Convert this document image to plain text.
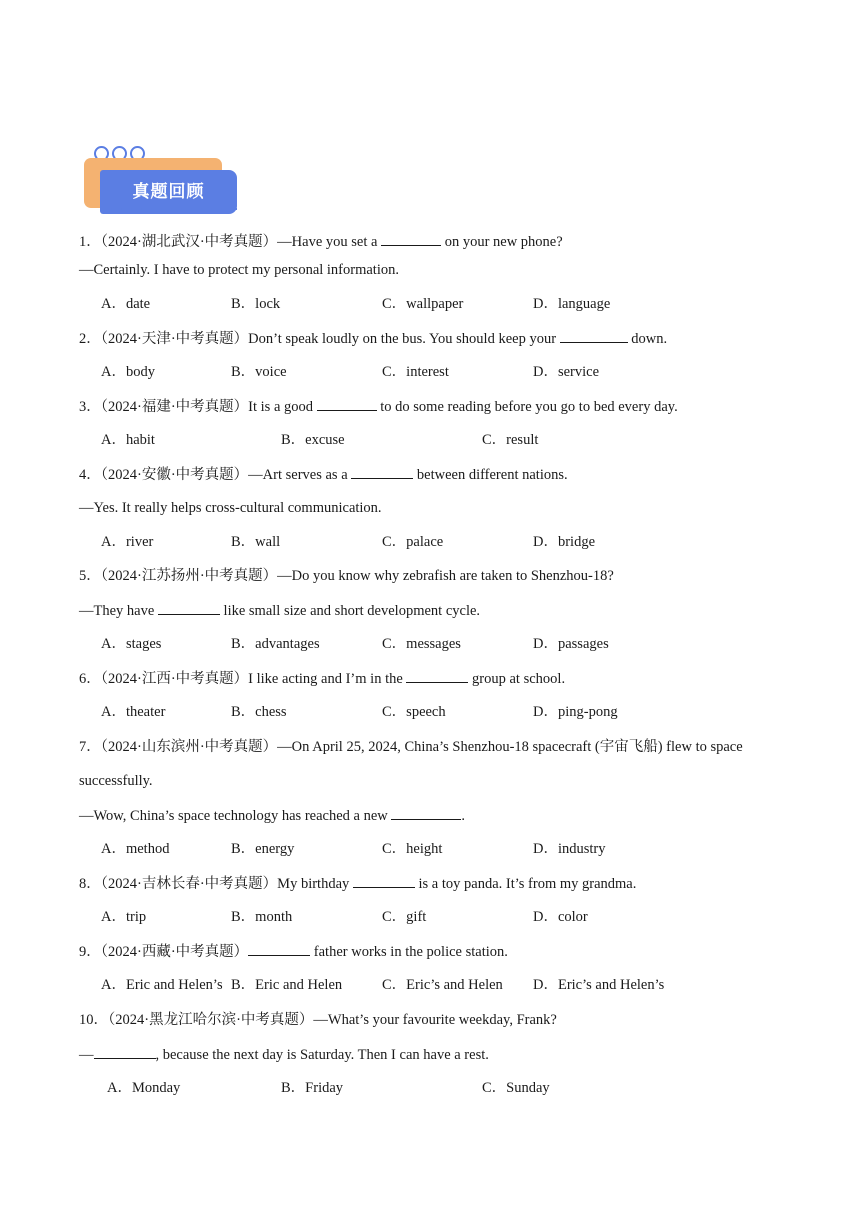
真题回顾
1．（2024·湖北武汉·中考真题）—Have you set a	on your new phone?
—Certainly. I have to protect my personal information.
A．date	B．lock	C．wallpaper	D．language
2．（2024·天津·中考真题）Don’t speak loudly on the bus. You should keep your	down.
A．body	B．voice	C．interest	D．service
3．（2024·福建·中考真题）It is a good	to do some reading before you go to bed every day.
A．habit	B．excuse	C．result
4．（2024·安徽·中考真题）—Art serves as a	between different nations.
—Yes. It really helps cross-cultural communication.
A．river	B．wall	C．palace	D．bridge
5．（2024·江苏扬州·中考真题）—Do you know why zebrafish are taken to Shenzhou-18?
—They have	like small size and short development cycle.
A．stages	B．advantages	C．messages	D．passages
6．（2024·江西·中考真题）I like acting and I’m in the	group at school.
A．theater	B．chess	C．speech	D．ping-pong
7．（2024·山东滨州·中考真题）—On April 25, 2024, China’s Shenzhou-18 spacecraft (宇宙飞船) flew to space
successfully.
—Wow, China’s space technology has reached a new	.
A．method	B．energy	C．height	D．industry
8．（2024·吉林长春·中考真题）My birthday	is a toy panda. It’s from my grandma.
A．trip	B．month	C．gift	D．color
9．（2024·西藏·中考真题）	father works in the police station.
A．Eric and Helen’s B．Eric and Helen	C．Eric’s and Helen D．Eric’s and Helen’s
10．（2024·黑龙江哈尔滨·中考真题）—What’s your favourite weekday, Frank?
—	, because the next day is Saturday. Then I can have a rest.
A．Monday	B．Friday	C．Sunday
